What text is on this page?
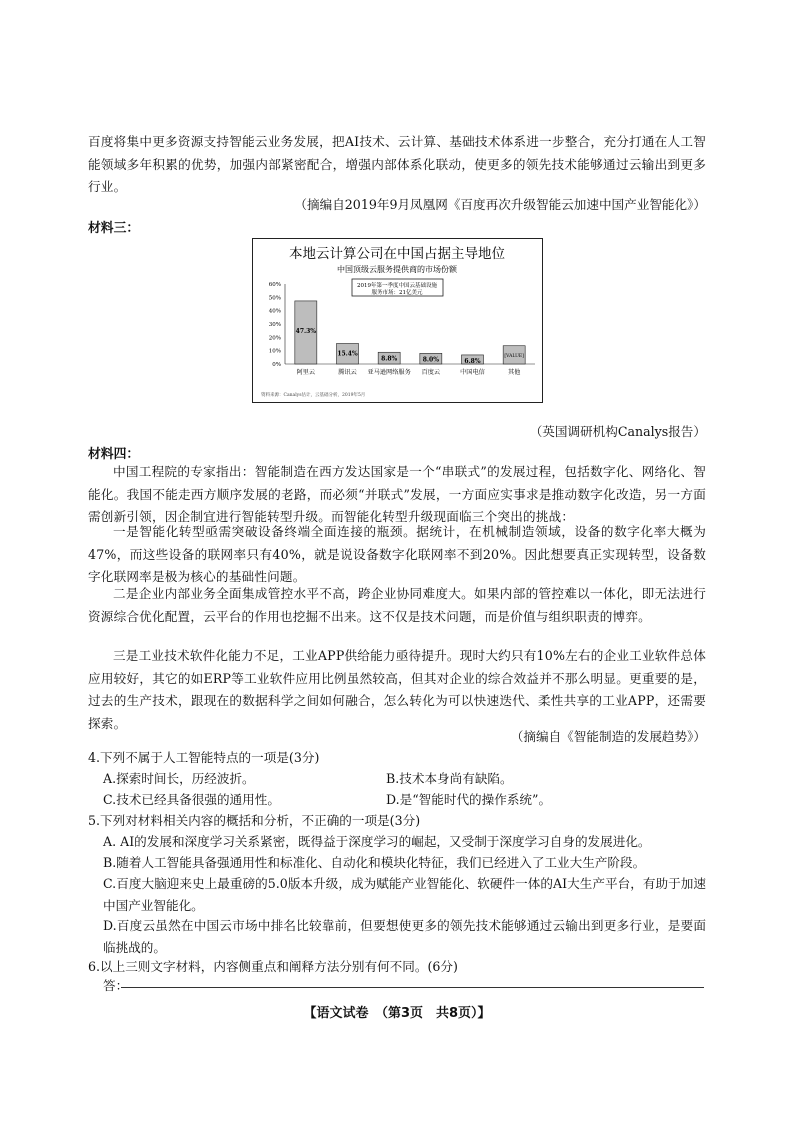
百度将集中更多资源支持智能云业务发展，把AI技术、云计算、基础技术体系进一步整合，充分打通在人工智能领域多年积累的优势，加强内部紧密配合，增强内部体系化联动，使更多的领先技术能够通过云输出到更多行业。

（摘编自2019年9月凤凰网《百度再次升级智能云加速中国产业智能化》）
材料三：
本地云计算公司在中国占据主导地位
中国顶级云服务提供商的市场份额
2019年第一季度中国云基础设施
服务市场：21亿美元
60%
50%
40%
30%
20%
10%
0%
47.3%
15.4%
8.8%	8.0%	6.8%
[VALUE]
阿里云	腾讯云 亚马逊网络服务 百度云	中国电信	其他
资料来源：Canalys估计，云基础分析，2019年5月
（英国调研机构Canalys报告）
材料四：

中国工程院的专家指出：智能制造在西方发达国家是一个“串联式”的发展过程，包括数字化、网络化、智能化。我国不能走西方顺序发展的老路，而必须“并联式”发展，一方面应实事求是推动数字化改造，另一方面需创新引领，因企制宜进行智能转型升级。而智能化转型升级现面临三个突出的挑战：

一是智能化转型亟需突破设备终端全面连接的瓶颈。据统计，在机械制造领域，设备的数字化率大概为47%，而这些设备的联网率只有40%，就是说设备数字化联网率不到20%。因此想要真正实现转型，设备数字化联网率是极为核心的基础性问题。

二是企业内部业务全面集成管控水平不高，跨企业协同难度大。如果内部的管控难以一体化，即无法进行资源综合优化配置，云平台的作用也挖掘不出来。这不仅是技术问题，而是价值与组织职责的博弈。

三是工业技术软件化能力不足，工业APP供给能力亟待提升。现时大约只有10%左右的企业工业软件总体应用较好，其它的如ERP等工业软件应用比例虽然较高，但其对企业的综合效益并不那么明显。更重要的是，过去的生产技术，跟现在的数据科学之间如何融合，怎么转化为可以快速迭代、柔性共享的工业APP，还需要探索。

（摘编自《智能制造的发展趋势》）
4.下列不属于人工智能特点的一项是(3分)
A.探索时间长，历经波折。	B.技术本身尚有缺陷。
C.技术已经具备很强的通用性。	D.是“智能时代的操作系统”。
5.下列对材料相关内容的概括和分析，不正确的一项是(3分)
A. AI的发展和深度学习关系紧密，既得益于深度学习的崛起，又受制于深度学习自身的发展进化。
B.随着人工智能具备强通用性和标准化、自动化和模块化特征，我们已经进入了工业大生产阶段。
C.百度大脑迎来史上最重磅的5.0版本升级，成为赋能产业智能化、软硬件一体的AI大生产平台，有助于加速中国产业智能化。
D.百度云虽然在中国云市场中排名比较靠前，但要想使更多的领先技术能够通过云输出到更多行业，是要面临挑战的。
6.以上三则文字材料，内容侧重点和阐释方法分别有何不同。(6分)
答：
【语文试卷　（第3页　共8页）】
